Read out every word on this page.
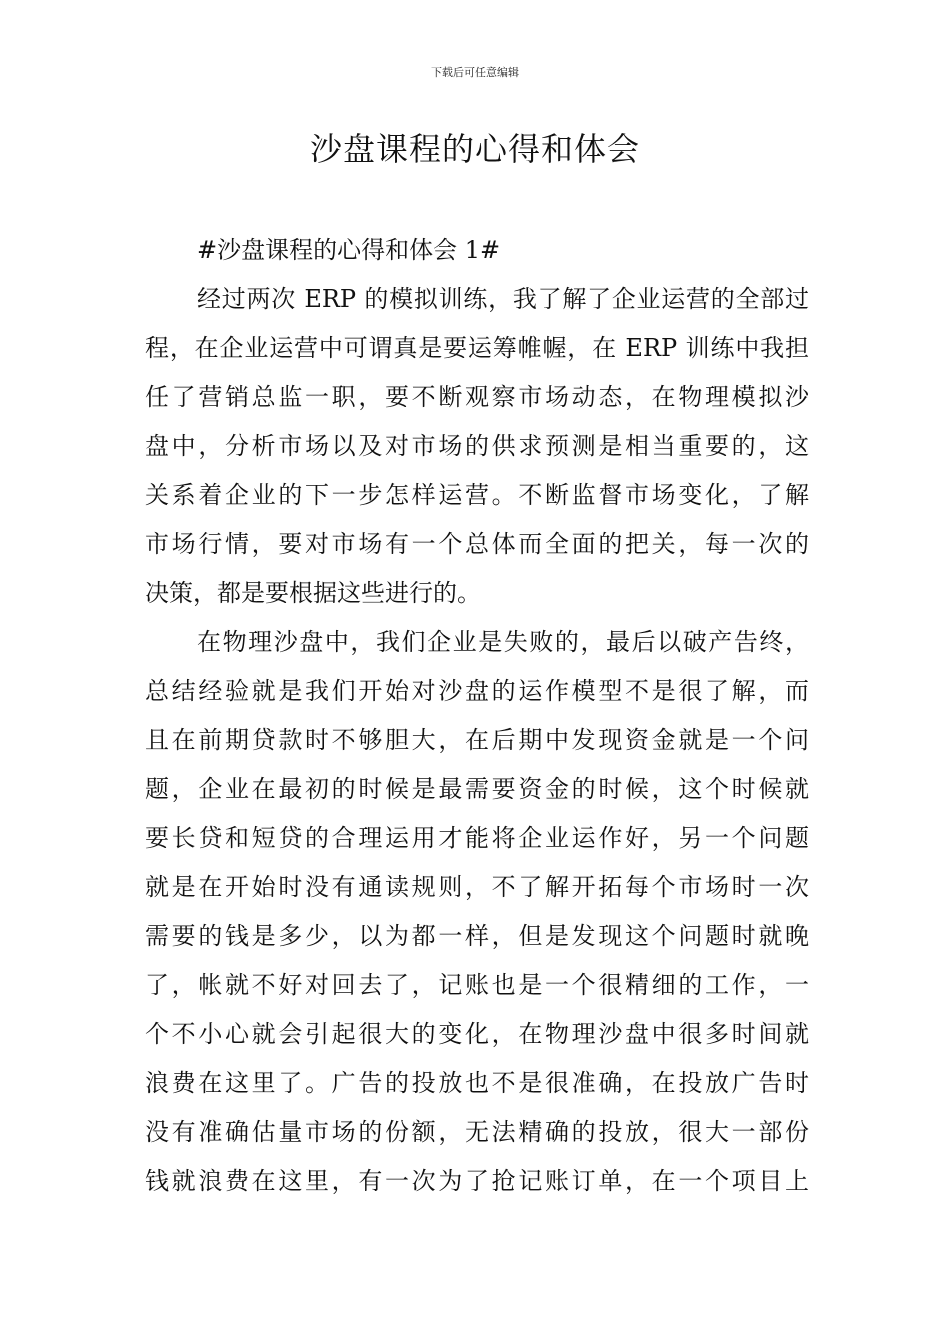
下载后可任意编辑
沙盘课程的心得和体会
#沙盘课程的心得和体会 1#
经过两次 ERP 的模拟训练，我了解了企业运营的全部过
程，在企业运营中可谓真是要运筹帷幄，在 ERP 训练中我担
任了营销总监一职，要不断观察市场动态，在物理模拟沙
盘中，分析市场以及对市场的供求预测是相当重要的，这
关系着企业的下一步怎样运营。不断监督市场变化，了解
市场行情，要对市场有一个总体而全面的把关，每一次的
决策，都是要根据这些进行的。
在物理沙盘中，我们企业是失败的，最后以破产告终，
总结经验就是我们开始对沙盘的运作模型不是很了解，而
且在前期贷款时不够胆大，在后期中发现资金就是一个问
题，企业在最初的时候是最需要资金的时候，这个时候就
要长贷和短贷的合理运用才能将企业运作好，另一个问题
就是在开始时没有通读规则，不了解开拓每个市场时一次
需要的钱是多少，以为都一样，但是发现这个问题时就晚
了，帐就不好对回去了，记账也是一个很精细的工作，一
个不小心就会引起很大的变化，在物理沙盘中很多时间就
浪费在这里了。广告的投放也不是很准确，在投放广告时
没有准确估量市场的份额，无法精确的投放，很大一部份
钱就浪费在这里，有一次为了抢记账订单，在一个项目上
